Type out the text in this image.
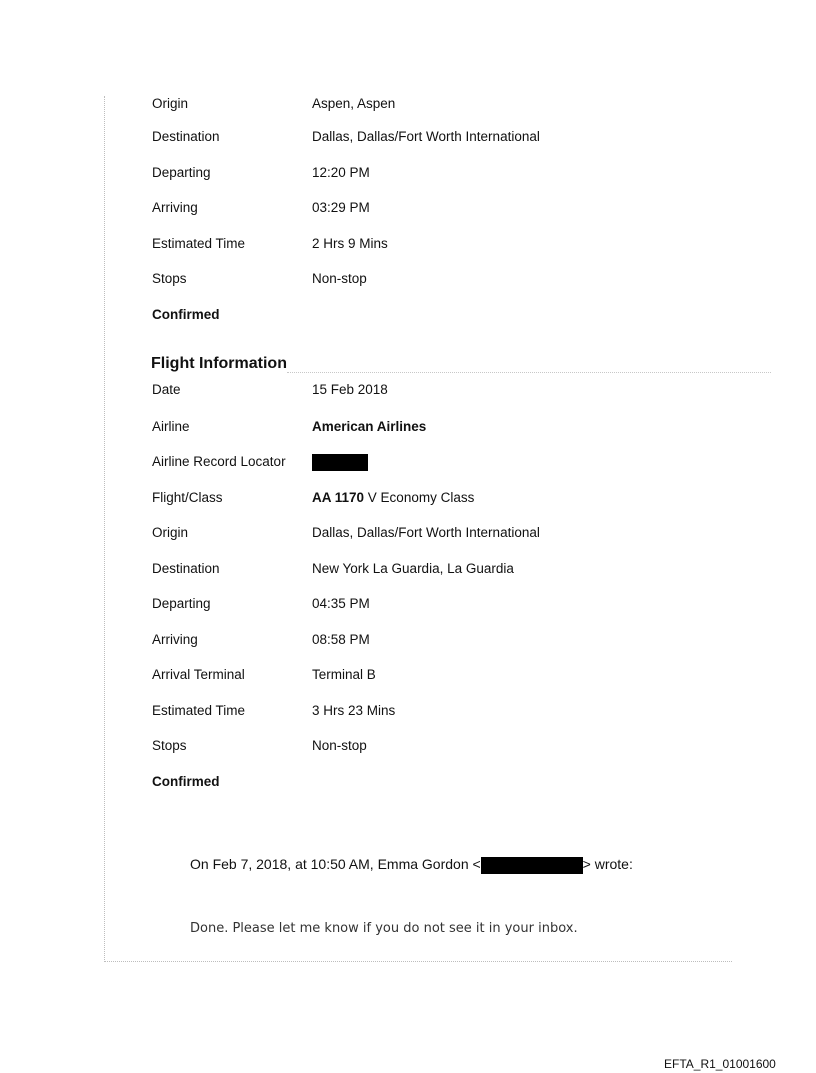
Origin	Aspen, Aspen
Destination	Dallas, Dallas/Fort Worth International
Departing	12:20 PM
Arriving	03:29 PM
Estimated Time	2 Hrs 9 Mins
Stops	Non-stop
Confirmed
Flight Information
Date	15 Feb 2018
Airline	American Airlines
Airline Record Locator
Flight/Class	AA 1170 V Economy Class
Origin	Dallas, Dallas/Fort Worth International
Destination	New York La Guardia, La Guardia
Departing	04:35 PM
Arriving	08:58 PM
Arrival Terminal	Terminal B
Estimated Time	3 Hrs 23 Mins
Stops	Non-stop
Confirmed
On Feb 7, 2018, at 10:50 AM, Emma Gordon <	> wrote:
Done. Please let me know if you do not see it in your inbox.
EFTA_R1_01001600
